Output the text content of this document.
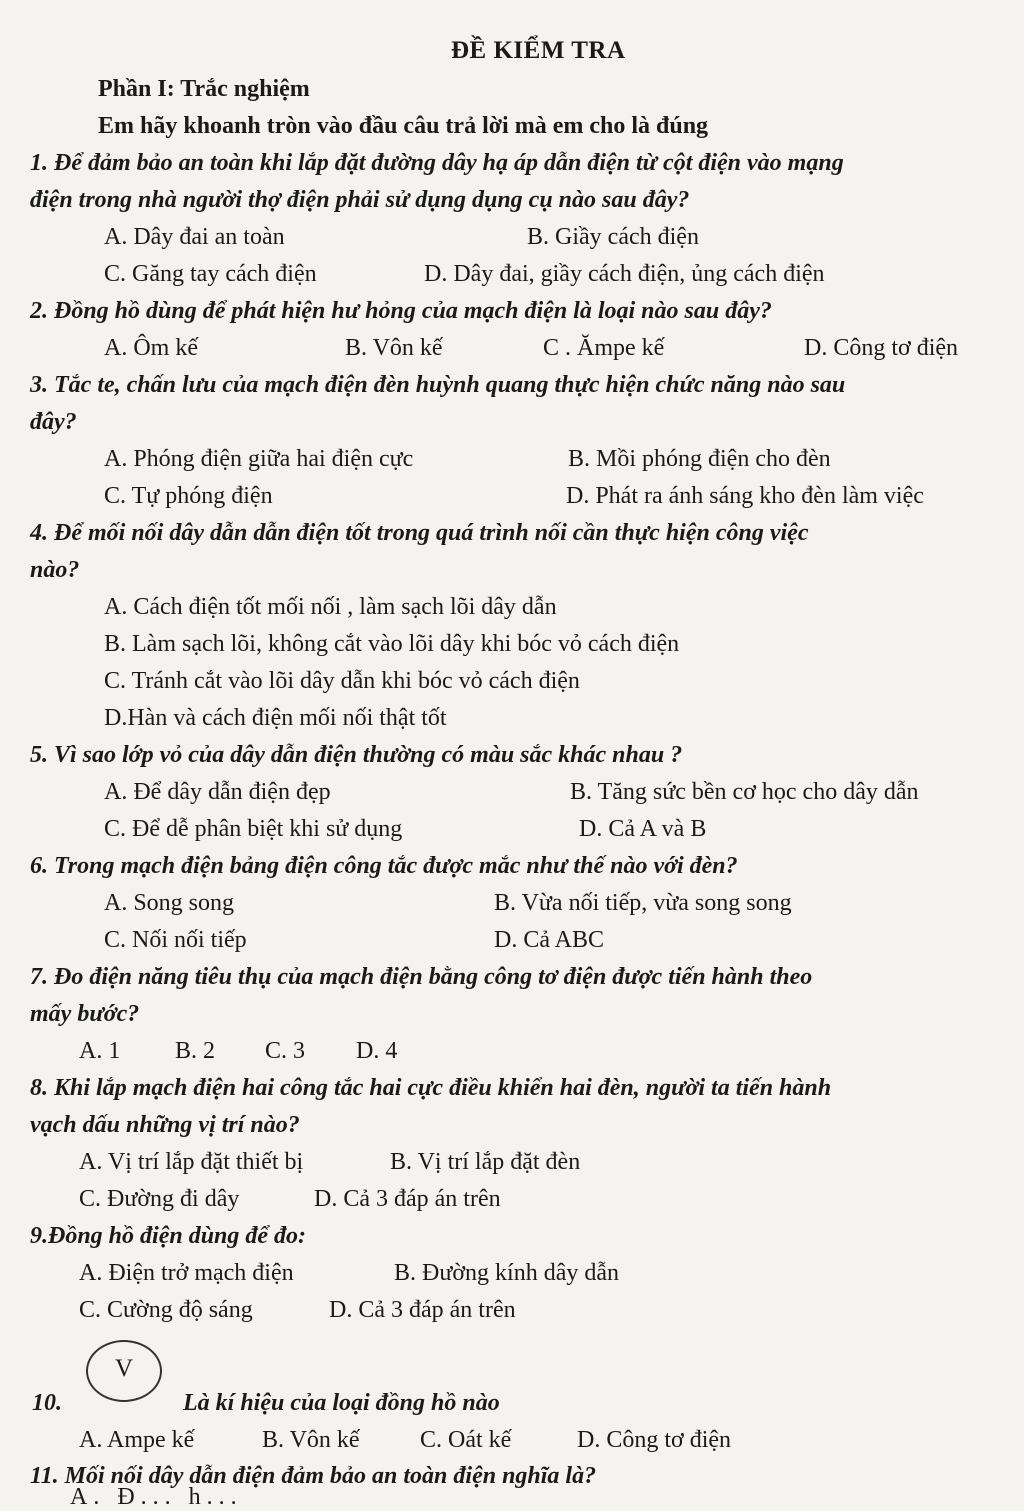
ĐỀ KIỂM TRA
Phần I: Trắc nghiệm
Em hãy khoanh tròn vào đầu câu trả lời mà em cho là đúng
1. Để đảm bảo an toàn khi lắp đặt đường dây hạ áp dẫn điện từ cột điện vào mạng
điện trong nhà người thợ điện phải sử dụng dụng cụ nào sau đây?
A. Dây đai an toàn	B. Giầy cách điện
C. Găng tay cách điện	D. Dây đai, giầy cách điện, ủng cách điện
2. Đồng hồ dùng để phát hiện hư hỏng của mạch điện là loại nào sau đây?
A. Ôm kế	B. Vôn kế	C . Ămpe kế	D. Công tơ điện
3. Tắc te, chấn lưu của mạch điện đèn huỳnh quang thực hiện chức năng nào sau
đây?
A. Phóng điện giữa hai điện cực	B. Mồi phóng điện cho đèn
C. Tự phóng điện	D. Phát ra ánh sáng kho đèn làm việc
4. Để mối nối dây dẫn dẫn điện tốt trong quá trình nối cần thực hiện công việc
nào?
A. Cách điện tốt mối nối , làm sạch lõi dây dẫn
B. Làm sạch lõi, không cắt vào lõi dây khi bóc vỏ cách điện
C. Tránh cắt vào lõi dây dẫn khi bóc vỏ cách điện
D.Hàn và cách điện mối nối thật tốt
5. Vì sao lớp vỏ của dây dẫn điện thường có màu sắc khác nhau ?
A. Để dây dẫn điện đẹp	B. Tăng sức bền cơ học cho dây dẫn
C. Để dễ phân biệt khi sử dụng	D. Cả A và B
6. Trong mạch điện bảng điện công tắc được mắc như thế nào với đèn?
A. Song song	B. Vừa nối tiếp, vừa song song
C. Nối nối tiếp	D. Cả ABC
7. Đo điện năng tiêu thụ của mạch điện bằng công tơ điện được tiến hành theo
mấy bước?
A. 1 B. 2 C. 3 D. 4
8. Khi lắp mạch điện hai công tắc hai cực điều khiển hai đèn, người ta tiến hành
vạch dấu những vị trí nào?
A. Vị trí lắp đặt thiết bị	B. Vị trí lắp đặt đèn
C. Đường đi dây	D. Cả 3 đáp án trên
9.Đồng hồ điện dùng để đo:
A. Điện trở mạch điện	B. Đường kính dây dẫn
C. Cường độ sáng	D. Cả 3 đáp án trên
V
10.	Là kí hiệu của loại đồng hồ nào
A. Ampe kế	B. Vôn kế	C. Oát kế	D. Công tơ điện
11. Mối nối dây dẫn điện đảm bảo an toàn điện nghĩa là?
A. Đ... h...
